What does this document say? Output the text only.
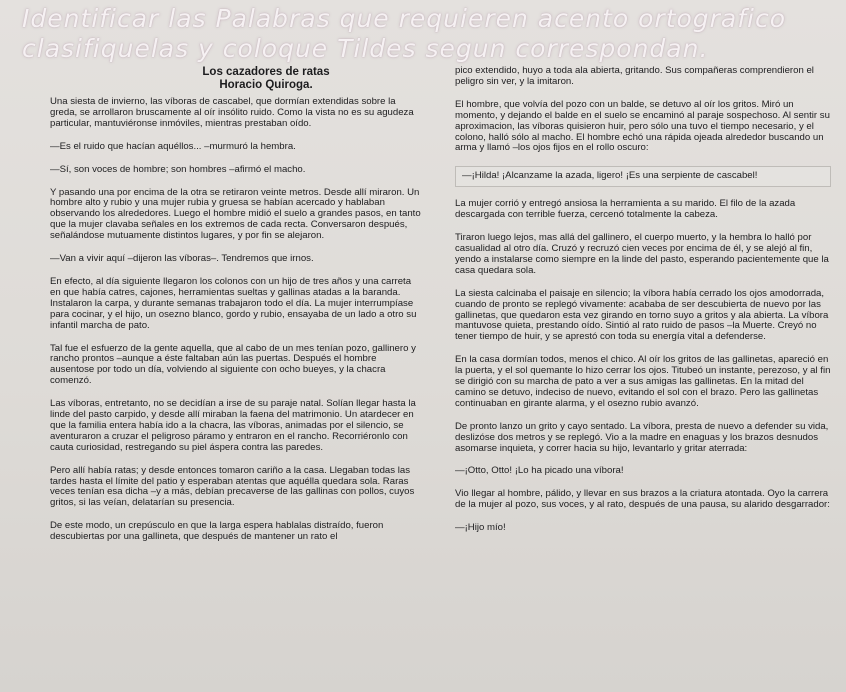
Identificar las Palabras que requieren acento ortografico
clasifiquelas y coloque Tildes segun correspondan.
Los cazadores de ratas
Horacio Quiroga.

Una siesta de invierno, las víboras de cascabel, que dormían extendidas sobre la greda, se arrollaron bruscamente al oír insólito ruido. Como la vista no es su agudeza particular, mantuviéronse inmóviles, mientras prestaban oído.

—Es el ruido que hacían aquéllos... –murmuró la hembra.

—Sí, son voces de hombre; son hombres –afirmó el macho.

Y pasando una por encima de la otra se retiraron veinte metros. Desde allí miraron. Un hombre alto y rubio y una mujer rubia y gruesa se habían acercado y hablaban observando los alrededores. Luego el hombre midió el suelo a grandes pasos, en tanto que la mujer clavaba señales en los extremos de cada recta. Conversaron después, señalándose mutuamente distintos lugares, y por fin se alejaron.

—Van a vivir aquí –dijeron las víboras–. Tendremos que irnos.

En efecto, al día siguiente llegaron los colonos con un hijo de tres años y una carreta en que había catres, cajones, herramientas sueltas y gallinas atadas a la baranda. Instalaron la carpa, y durante semanas trabajaron todo el día. La mujer interrumpíase para cocinar, y el hijo, un osezno blanco, gordo y rubio, ensayaba de un lado a otro su infantil marcha de pato.

Tal fue el esfuerzo de la gente aquella, que al cabo de un mes tenían pozo, gallinero y rancho prontos –aunque a éste faltaban aún las puertas. Después el hombre ausentose por todo un día, volviendo al siguiente con ocho bueyes, y la chacra comenzó.

Las víboras, entretanto, no se decidían a irse de su paraje natal. Solían llegar hasta la linde del pasto carpido, y desde allí miraban la faena del matrimonio. Un atardecer en que la familia entera había ido a la chacra, las víboras, animadas por el silencio, se aventuraron a cruzar el peligroso páramo y entraron en el rancho. Recorriéronlo con cauta curiosidad, restregando su piel áspera contra las paredes.

Pero allí había ratas; y desde entonces tomaron cariño a la casa. Llegaban todas las tardes hasta el límite del patio y esperaban atentas que aquélla quedara sola. Raras veces tenían esa dicha –y a más, debían precaverse de las gallinas con pollos, cuyos gritos, si las veían, delatarían su presencia.

De este modo, un crepúsculo en que la larga espera hablalas distraído, fueron descubiertas por una gallineta, que después de mantener un rato el

pico extendido, huyo a toda ala abierta, gritando. Sus compañeras comprendieron el peligro sin ver, y la imitaron.

El hombre, que volvía del pozo con un balde, se detuvo al oír los gritos. Miró un momento, y dejando el balde en el suelo se encaminó al paraje sospechoso. Al sentir su aproximacion, las víboras quisieron huir, pero sólo una tuvo el tiempo necesario, y el colono, halló sólo al macho. El hombre echó una rápida ojeada alrededor buscando un arma y llamó –los ojos fijos en el rollo oscuro:

—¡Hilda! ¡Alcanzame la azada, ligero! ¡Es una serpiente de cascabel!

La mujer corrió y entregó ansiosa la herramienta a su marido. El filo de la azada descargada con terrible fuerza, cercenó totalmente la cabeza.

Tiraron luego lejos, mas allá del gallinero, el cuerpo muerto, y la hembra lo halló por casualidad al otro día. Cruzó y recruzó cien veces por encima de él, y se alejó al fin, yendo a instalarse como siempre en la linde del pasto, esperando pacientemente que la casa quedara sola.

La siesta calcinaba el paisaje en silencio; la víbora había cerrado los ojos amodorrada, cuando de pronto se replegó vivamente: acababa de ser descubierta de nuevo por las gallinetas, que quedaron esta vez girando en torno suyo a gritos y ala abierta. La víbora mantuvose quieta, prestando oído. Sintió al rato ruido de pasos –la Muerte. Creyó no tener tiempo de huir, y se aprestó con toda su energía vital a defenderse.

En la casa dormían todos, menos el chico. Al oír los gritos de las gallinetas, apareció en la puerta, y el sol quemante lo hizo cerrar los ojos. Titubeó un instante, perezoso, y al fin se dirigió con su marcha de pato a ver a sus amigas las gallinetas. En la mitad del camino se detuvo, indeciso de nuevo, evitando el sol con el brazo. Pero las gallinetas continuaban en girante alarma, y el osezno rubio avanzó.

De pronto lanzo un grito y cayo sentado. La víbora, presta de nuevo a defender su vida, deslizóse dos metros y se replegó. Vio a la madre en enaguas y los brazos desnudos asomarse inquieta, y correr hacia su hijo, levantarlo y gritar aterrada:

—¡Otto, Otto! ¡Lo ha picado una víbora!

Vio llegar al hombre, pálido, y llevar en sus brazos a la criatura atontada. Oyo la carrera de la mujer al pozo, sus voces, y al rato, después de una pausa, su alarido desgarrador:

—¡Hijo mío!
